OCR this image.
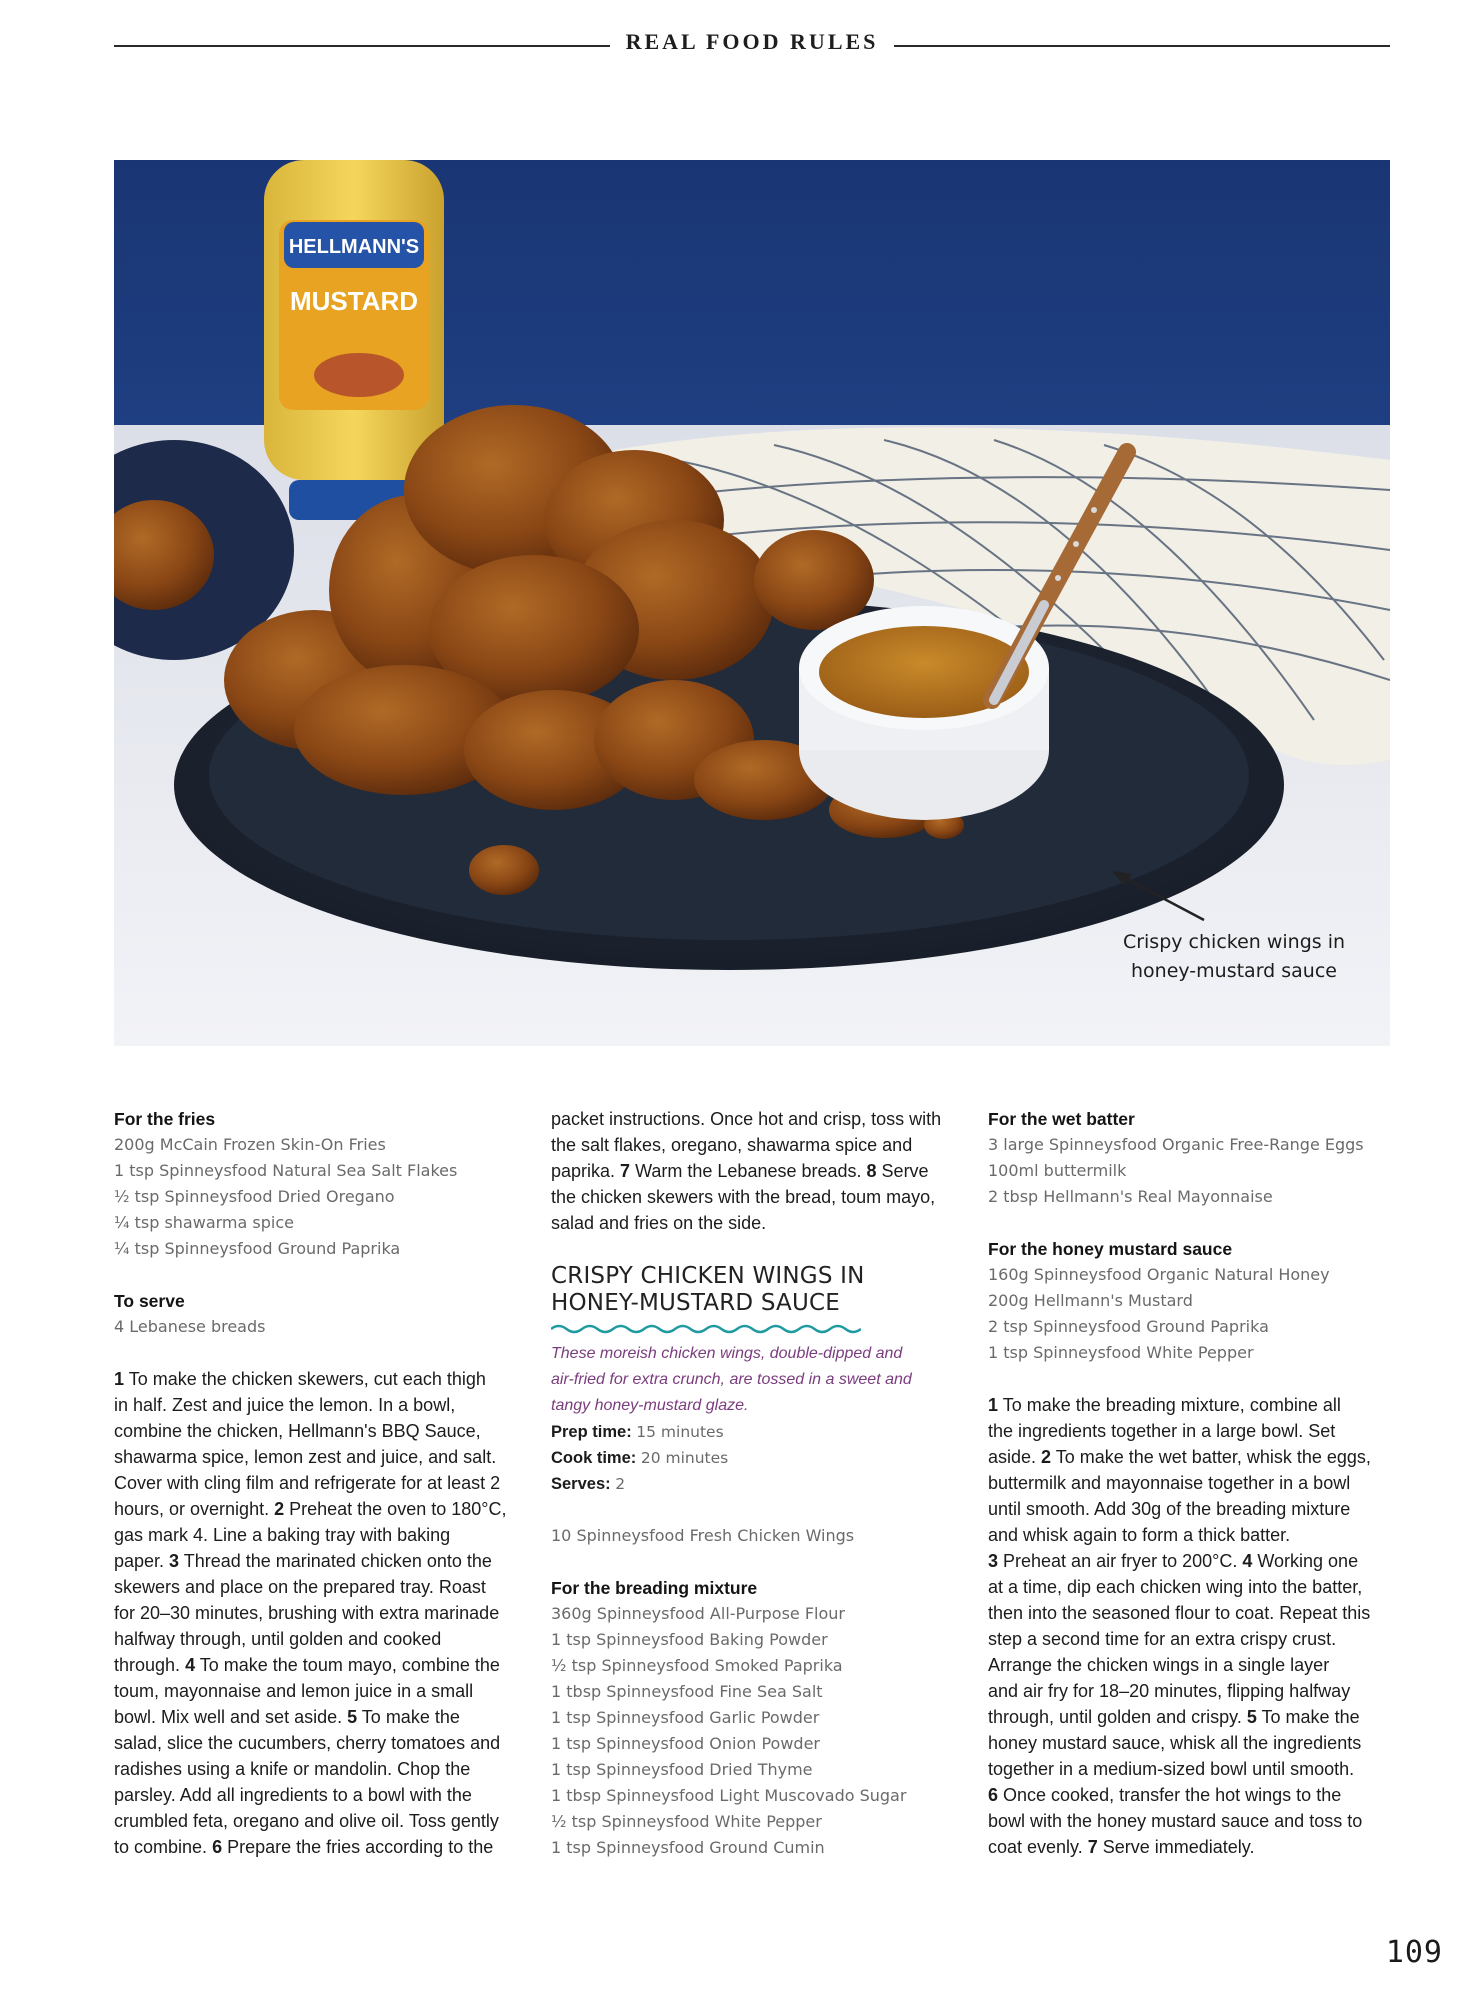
REAL FOOD RULES
HELLMANN'S
MUSTARD
Crispy chicken wings in
honey-mustard sauce

For the fries

200g McCain Frozen Skin-On Fries

1 tsp Spinneysfood Natural Sea Salt Flakes

½ tsp Spinneysfood Dried Oregano

¼ tsp shawarma spice

¼ tsp Spinneysfood Ground Paprika

To serve

4 Lebanese breads

1 To make the chicken skewers, cut each thigh

in half. Zest and juice the lemon. In a bowl,

combine the chicken, Hellmann's BBQ Sauce,

shawarma spice, lemon zest and juice, and salt.

Cover with cling film and refrigerate for at least 2

hours, or overnight. 2 Preheat the oven to 180°C,

gas mark 4. Line a baking tray with baking

paper. 3 Thread the marinated chicken onto the

skewers and place on the prepared tray. Roast

for 20–30 minutes, brushing with extra marinade

halfway through, until golden and cooked

through. 4 To make the toum mayo, combine the

toum, mayonnaise and lemon juice in a small

bowl. Mix well and set aside. 5 To make the

salad, slice the cucumbers, cherry tomatoes and

radishes using a knife or mandolin. Chop the

parsley. Add all ingredients to a bowl with the

crumbled feta, oregano and olive oil. Toss gently

to combine. 6 Prepare the fries according to the

packet instructions. Once hot and crisp, toss with

the salt flakes, oregano, shawarma spice and

paprika. 7 Warm the Lebanese breads. 8 Serve

the chicken skewers with the bread, toum mayo,

salad and fries on the side.

CRISPY CHICKEN WINGS IN
HONEY-MUSTARD SAUCE

These moreish chicken wings, double-dipped and

air-fried for extra crunch, are tossed in a sweet and

tangy honey-mustard glaze.

Prep time: 15 minutes

Cook time: 20 minutes

Serves: 2

10 Spinneysfood Fresh Chicken Wings

For the breading mixture

360g Spinneysfood All-Purpose Flour

1 tsp Spinneysfood Baking Powder

½ tsp Spinneysfood Smoked Paprika

1 tbsp Spinneysfood Fine Sea Salt

1 tsp Spinneysfood Garlic Powder

1 tsp Spinneysfood Onion Powder

1 tsp Spinneysfood Dried Thyme

1 tbsp Spinneysfood Light Muscovado Sugar

½ tsp Spinneysfood White Pepper

1 tsp Spinneysfood Ground Cumin

For the wet batter

3 large Spinneysfood Organic Free-Range Eggs

100ml buttermilk

2 tbsp Hellmann's Real Mayonnaise

For the honey mustard sauce

160g Spinneysfood Organic Natural Honey

200g Hellmann's Mustard

2 tsp Spinneysfood Ground Paprika

1 tsp Spinneysfood White Pepper

1 To make the breading mixture, combine all

the ingredients together in a large bowl. Set

aside. 2 To make the wet batter, whisk the eggs,

buttermilk and mayonnaise together in a bowl

until smooth. Add 30g of the breading mixture

and whisk again to form a thick batter.

3 Preheat an air fryer to 200°C. 4 Working one

at a time, dip each chicken wing into the batter,

then into the seasoned flour to coat. Repeat this

step a second time for an extra crispy crust.

Arrange the chicken wings in a single layer

and air fry for 18–20 minutes, flipping halfway

through, until golden and crispy. 5 To make the

honey mustard sauce, whisk all the ingredients

together in a medium-sized bowl until smooth.

6 Once cooked, transfer the hot wings to the

bowl with the honey mustard sauce and toss to

coat evenly. 7 Serve immediately.

109
